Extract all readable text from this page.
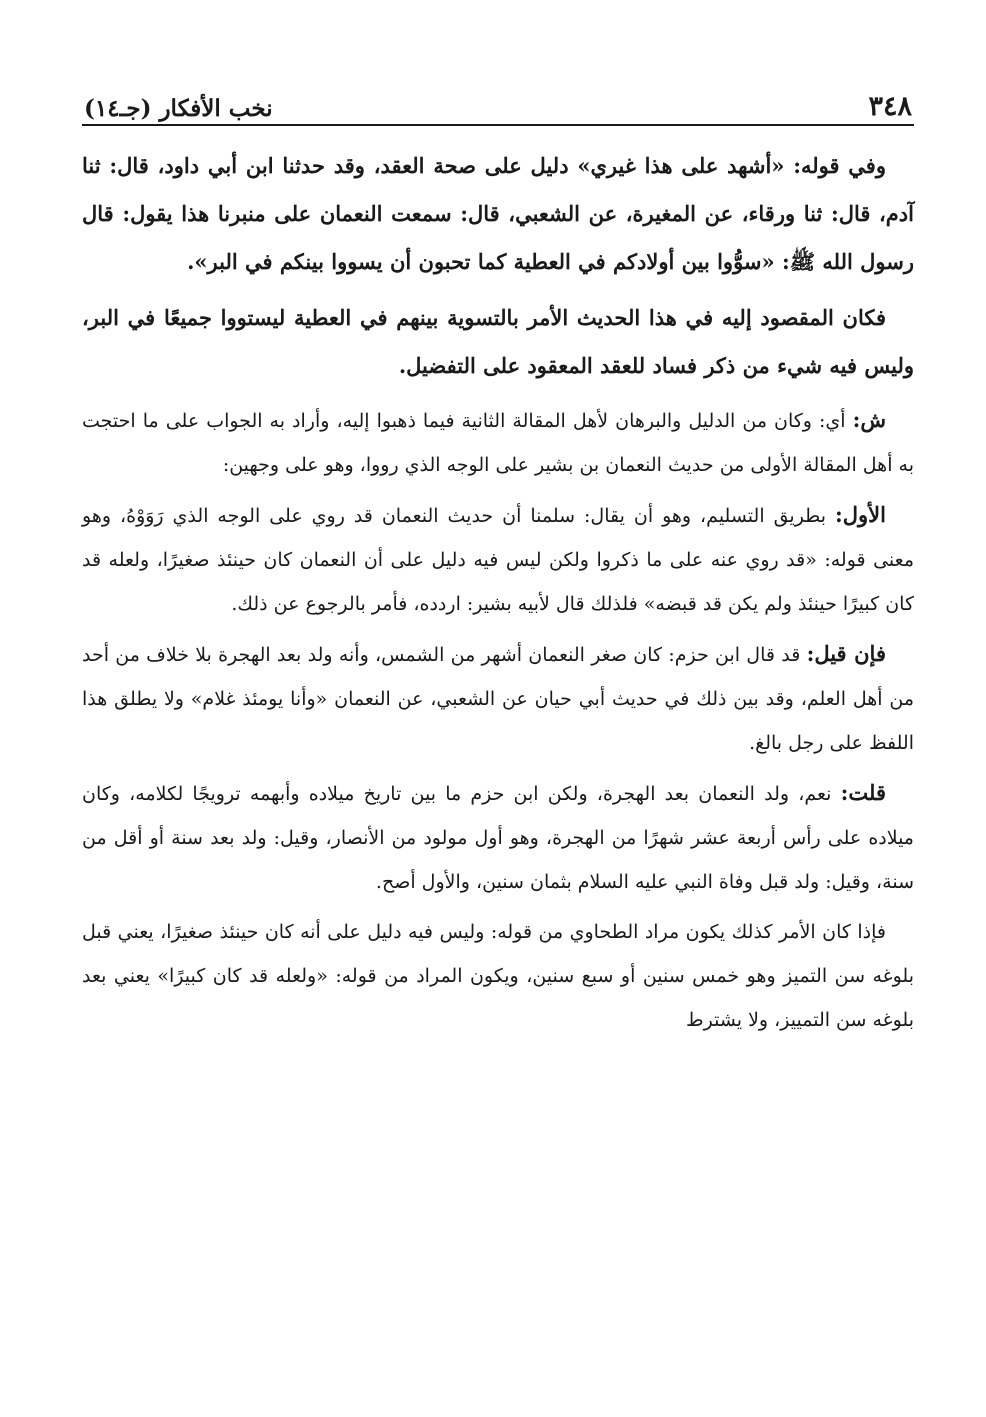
٣٤٨
نخب الأفكار (جـ١٤)

وفي قوله: «أشهد على هذا غيري» دليل على صحة العقد، وقد حدثنا ابن أبي داود، قال: ثنا آدم، قال: ثنا ورقاء، عن المغيرة، عن الشعبي، قال: سمعت النعمان على منبرنا هذا يقول: قال رسول الله ﷺ: «سوُّوا بين أولادكم في العطية كما تحبون أن يسووا بينكم في البر».

فكان المقصود إليه في هذا الحديث الأمر بالتسوية بينهم في العطية ليستووا جميعًا في البر، وليس فيه شيء من ذكر فساد للعقد المعقود على التفضيل.

ش: أي: وكان من الدليل والبرهان لأهل المقالة الثانية فيما ذهبوا إليه، وأراد به الجواب على ما احتجت به أهل المقالة الأولى من حديث النعمان بن بشير على الوجه الذي رووا، وهو على وجهين:

الأول: بطريق التسليم، وهو أن يقال: سلمنا أن حديث النعمان قد روي على الوجه الذي رَوَوْهُ، وهو معنى قوله: «قد روي عنه على ما ذكروا ولكن ليس فيه دليل على أن النعمان كان حينئذ صغيرًا، ولعله قد كان كبيرًا حينئذ ولم يكن قد قبضه» فلذلك قال لأبيه بشير: اردده، فأمر بالرجوع عن ذلك.

فإن قيل: قد قال ابن حزم: كان صغر النعمان أشهر من الشمس، وأنه ولد بعد الهجرة بلا خلاف من أحد من أهل العلم، وقد بين ذلك في حديث أبي حيان عن الشعبي، عن النعمان «وأنا يومئذ غلام» ولا يطلق هذا اللفظ على رجل بالغ.

قلت: نعم، ولد النعمان بعد الهجرة، ولكن ابن حزم ما بين تاريخ ميلاده وأبهمه ترويجًا لكلامه، وكان ميلاده على رأس أربعة عشر شهرًا من الهجرة، وهو أول مولود من الأنصار، وقيل: ولد بعد سنة أو أقل من سنة، وقيل: ولد قبل وفاة النبي عليه السلام بثمان سنين، والأول أصح.

فإذا كان الأمر كذلك يكون مراد الطحاوي من قوله: وليس فيه دليل على أنه كان حينئذ صغيرًا، يعني قبل بلوغه سن التميز وهو خمس سنين أو سبع سنين، ويكون المراد من قوله: «ولعله قد كان كبيرًا» يعني بعد بلوغه سن التمييز، ولا يشترط
